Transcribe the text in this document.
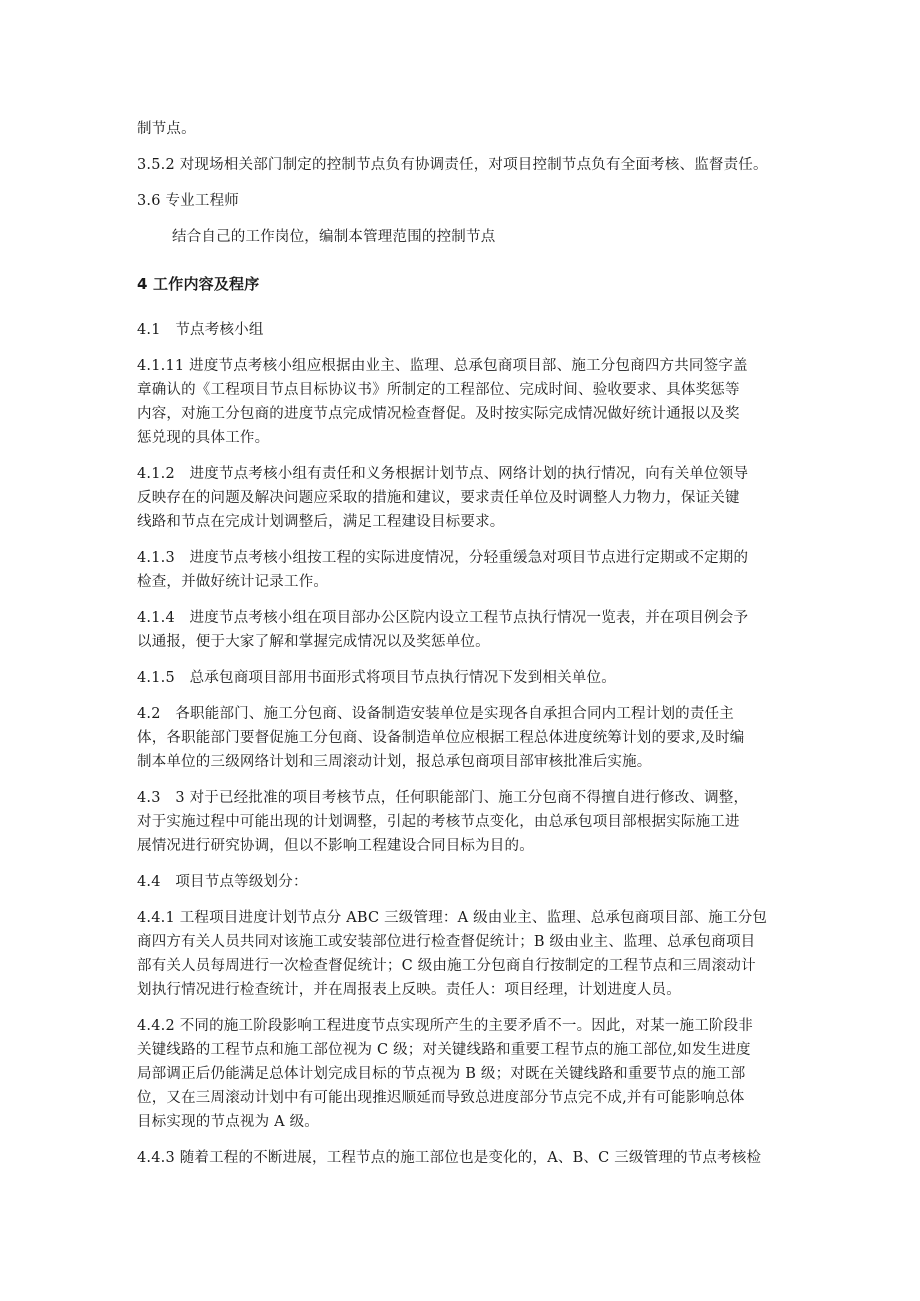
制节点。
3.5.2 对现场相关部门制定的控制节点负有协调责任，对项目控制节点负有全面考核、监督责任。
3.6 专业工程师
结合自己的工作岗位，编制本管理范围的控制节点
4 工作内容及程序
4.1　节点考核小组
4.1.11 进度节点考核小组应根据由业主、监理、总承包商项目部、施工分包商四方共同签字盖
章确认的《工程项目节点目标协议书》所制定的工程部位、完成时间、验收要求、具体奖惩等
内容，对施工分包商的进度节点完成情况检查督促。及时按实际完成情况做好统计通报以及奖
惩兑现的具体工作。
4.1.2　进度节点考核小组有责任和义务根据计划节点、网络计划的执行情况，向有关单位领导
反映存在的问题及解决问题应采取的措施和建议，要求责任单位及时调整人力物力，保证关键
线路和节点在完成计划调整后，满足工程建设目标要求。
4.1.3　进度节点考核小组按工程的实际进度情况，分轻重缓急对项目节点进行定期或不定期的
检查，并做好统计记录工作。
4.1.4　进度节点考核小组在项目部办公区院内设立工程节点执行情况一览表，并在项目例会予
以通报，便于大家了解和掌握完成情况以及奖惩单位。
4.1.5　总承包商项目部用书面形式将项目节点执行情况下发到相关单位。
4.2　各职能部门、施工分包商、设备制造安装单位是实现各自承担合同内工程计划的责任主
体，各职能部门要督促施工分包商、设备制造单位应根据工程总体进度统筹计划的要求,及时编
制本单位的三级网络计划和三周滚动计划，报总承包商项目部审核批准后实施。
4.3　3 对于已经批准的项目考核节点，任何职能部门、施工分包商不得擅自进行修改、调整，
对于实施过程中可能出现的计划调整，引起的考核节点变化，由总承包项目部根据实际施工进
展情况进行研究协调，但以不影响工程建设合同目标为目的。
4.4　项目节点等级划分：
4.4.1 工程项目进度计划节点分 ABC 三级管理：A 级由业主、监理、总承包商项目部、施工分包
商四方有关人员共同对该施工或安装部位进行检查督促统计；B 级由业主、监理、总承包商项目
部有关人员每周进行一次检查督促统计；C 级由施工分包商自行按制定的工程节点和三周滚动计
划执行情况进行检查统计，并在周报表上反映。责任人：项目经理，计划进度人员。
4.4.2 不同的施工阶段影响工程进度节点实现所产生的主要矛盾不一。因此，对某一施工阶段非
关键线路的工程节点和施工部位视为 C 级；对关键线路和重要工程节点的施工部位,如发生进度
局部调正后仍能满足总体计划完成目标的节点视为 B 级；对既在关键线路和重要节点的施工部
位，又在三周滚动计划中有可能出现推迟顺延而导致总进度部分节点完不成,并有可能影响总体
目标实现的节点视为 A 级。
4.4.3 随着工程的不断进展，工程节点的施工部位也是变化的，A、B、C 三级管理的节点考核检
